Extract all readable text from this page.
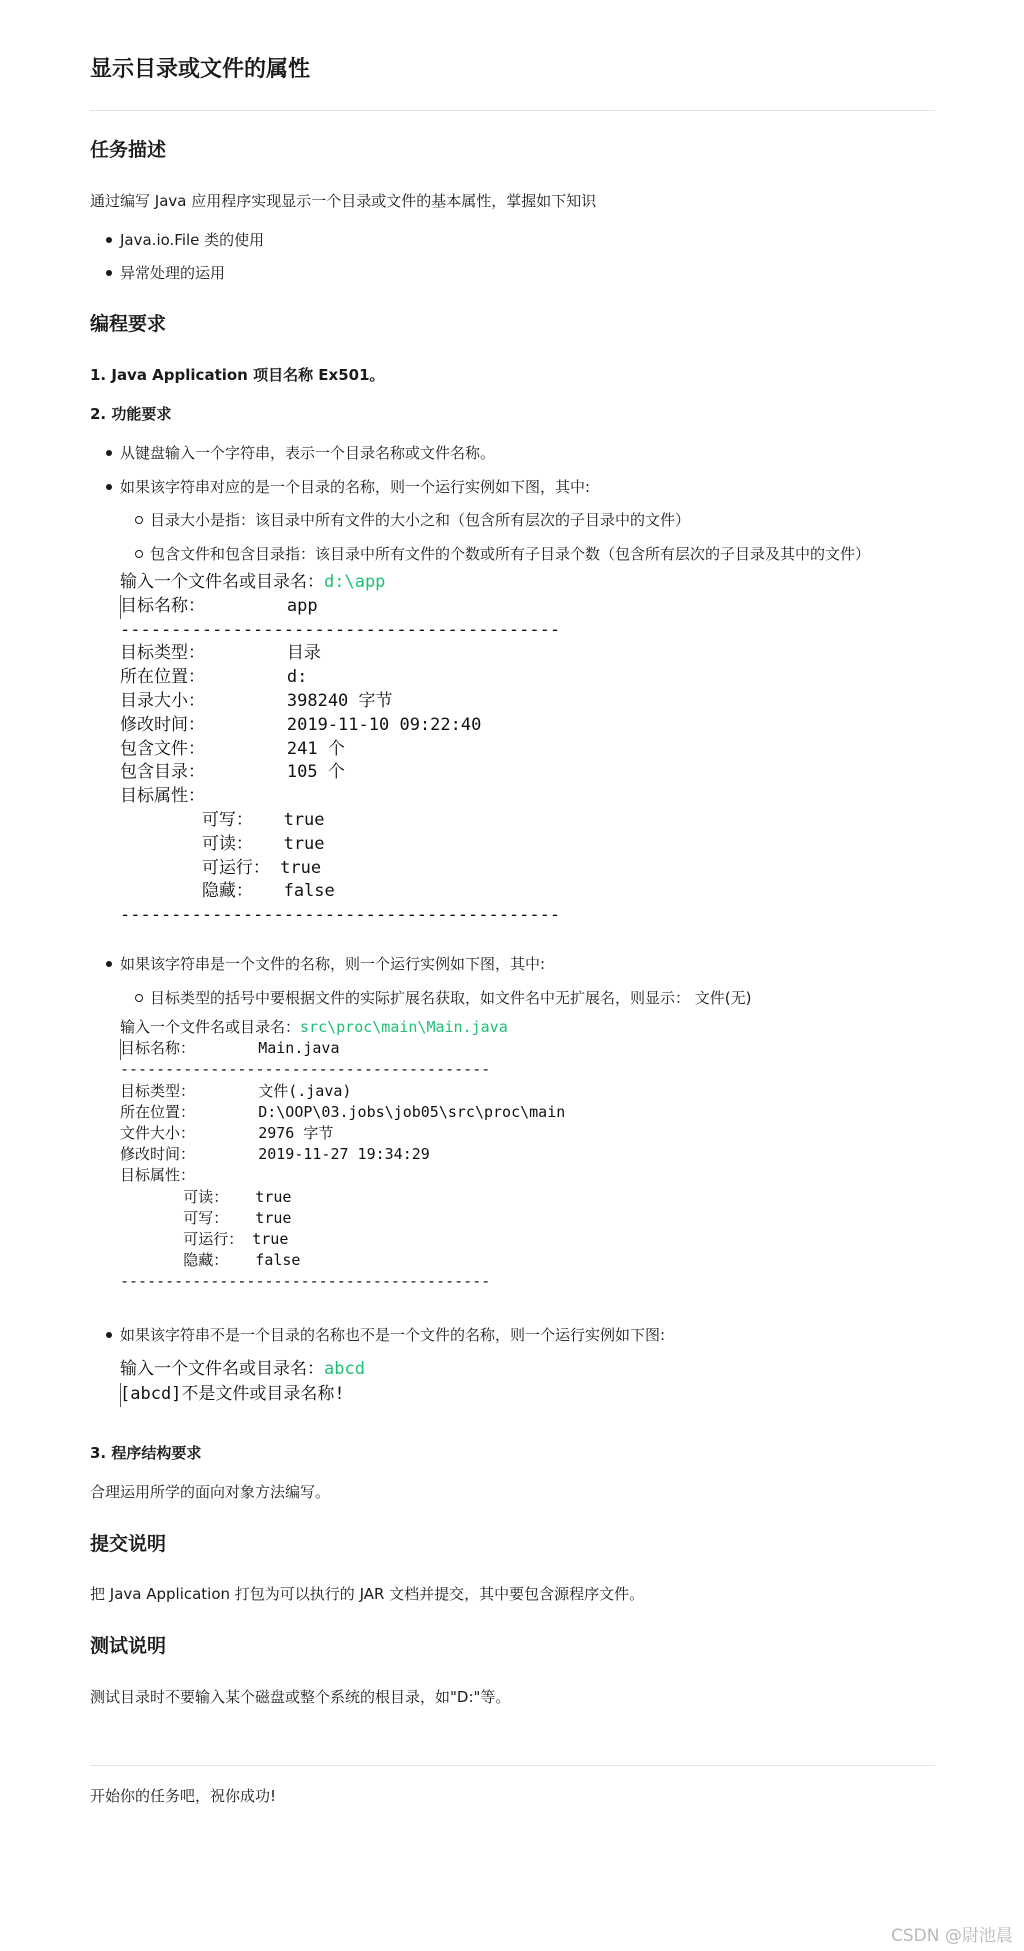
显示目录或文件的属性
任务描述

通过编写 Java 应用程序实现显示一个目录或文件的基本属性，掌握如下知识

Java.io.File 类的使用
异常处理的运用
编程要求
1. Java Application 项目名称 Ex501。
2. 功能要求
从键盘输入一个字符串，表示一个目录名称或文件名称。
如果该字符串对应的是一个目录的名称，则一个运行实例如下图，其中:
目录大小是指：该目录中所有文件的大小之和（包含所有层次的子目录中的文件）
包含文件和包含目录指：该目录中所有文件的个数或所有子目录个数（包含所有层次的子目录及其中的文件）
输入一个文件名或目录名：d:\app
目标名称：        app
-------------------------------------------
目标类型：        目录
所在位置：        d:
目录大小：        398240 字节
修改时间：        2019-11-10 09:22:40
包含文件：        241 个
包含目录：        105 个
目标属性：
可写：   true
可读：   true
可运行： true
隐藏：   false
-------------------------------------------
如果该字符串是一个文件的名称，则一个运行实例如下图，其中:
目标类型的括号中要根据文件的实际扩展名获取，如文件名中无扩展名，则显示： 文件(无)
输入一个文件名或目录名：src\proc\main\Main.java
目标名称：       Main.java
-----------------------------------------
目标类型：       文件(.java)
所在位置：       D:\OOP\03.jobs\job05\src\proc\main
文件大小：       2976 字节
修改时间：       2019-11-27 19:34:29
目标属性：
可读：   true
可写：   true
可运行： true
隐藏：   false
-----------------------------------------
如果该字符串不是一个目录的名称也不是一个文件的名称，则一个运行实例如下图:
输入一个文件名或目录名：abcd
[abcd]不是文件或目录名称!
3. 程序结构要求

合理运用所学的面向对象方法编写。

提交说明

把 Java Application 打包为可以执行的 JAR 文档并提交，其中要包含源程序文件。

测试说明

测试目录时不要输入某个磁盘或整个系统的根目录，如"D:"等。

开始你的任务吧，祝你成功!

CSDN @尉池晨
